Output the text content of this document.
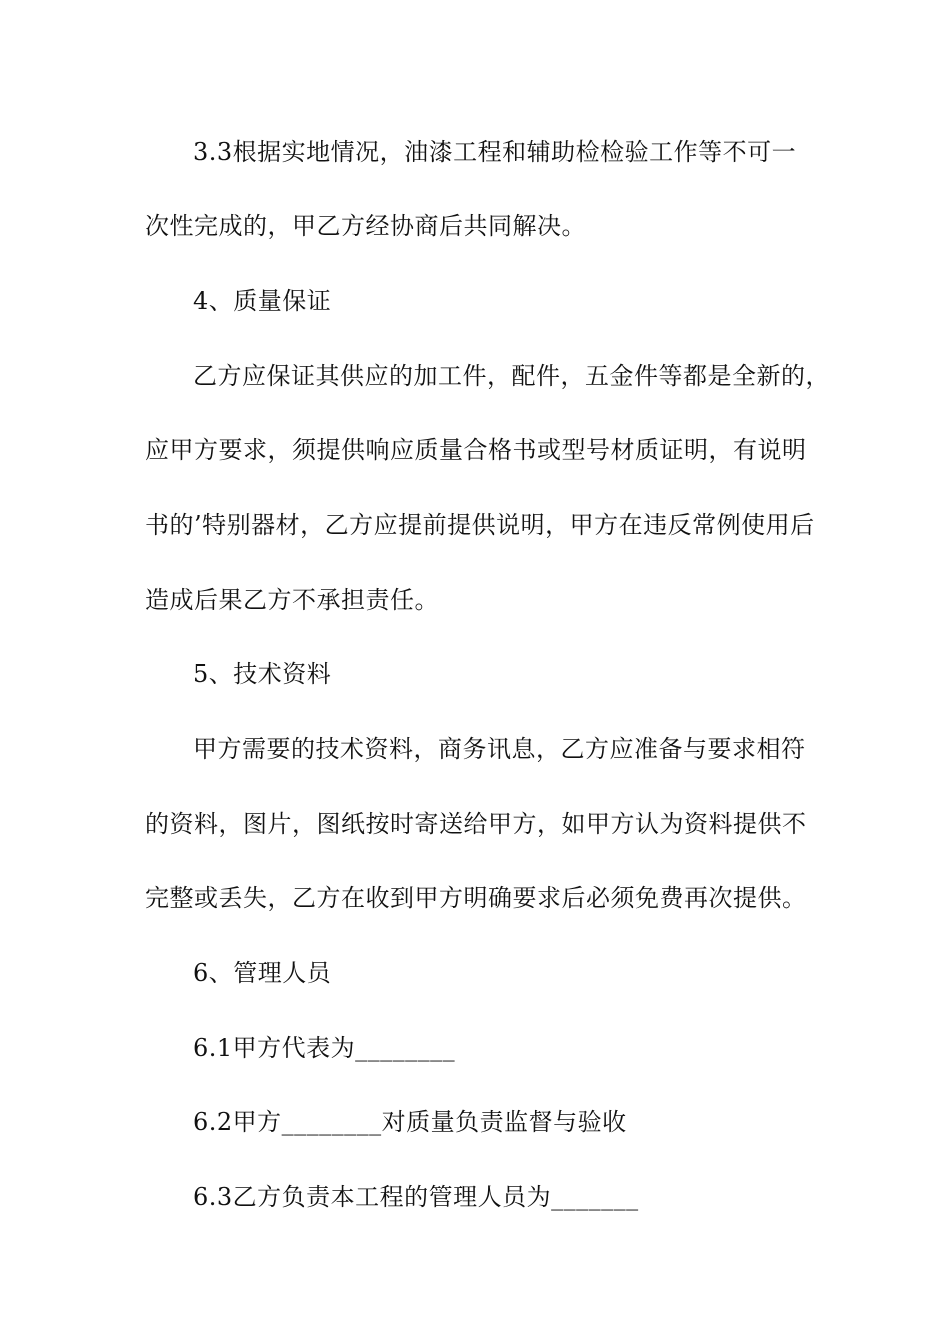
3.3根据实地情况，油漆工程和辅助检检验工作等不可一
次性完成的，甲乙方经协商后共同解决。
4、质量保证
乙方应保证其供应的加工件，配件，五金件等都是全新的，
应甲方要求，须提供响应质量合格书或型号材质证明，有说明
书的’特别器材，乙方应提前提供说明，甲方在违反常例使用后
造成后果乙方不承担责任。
5、技术资料
甲方需要的技术资料，商务讯息，乙方应准备与要求相符
的资料，图片，图纸按时寄送给甲方，如甲方认为资料提供不
完整或丢失，乙方在收到甲方明确要求后必须免费再次提供。
6、管理人员
6.1甲方代表为________
6.2甲方________对质量负责监督与验收
6.3乙方负责本工程的管理人员为_______
